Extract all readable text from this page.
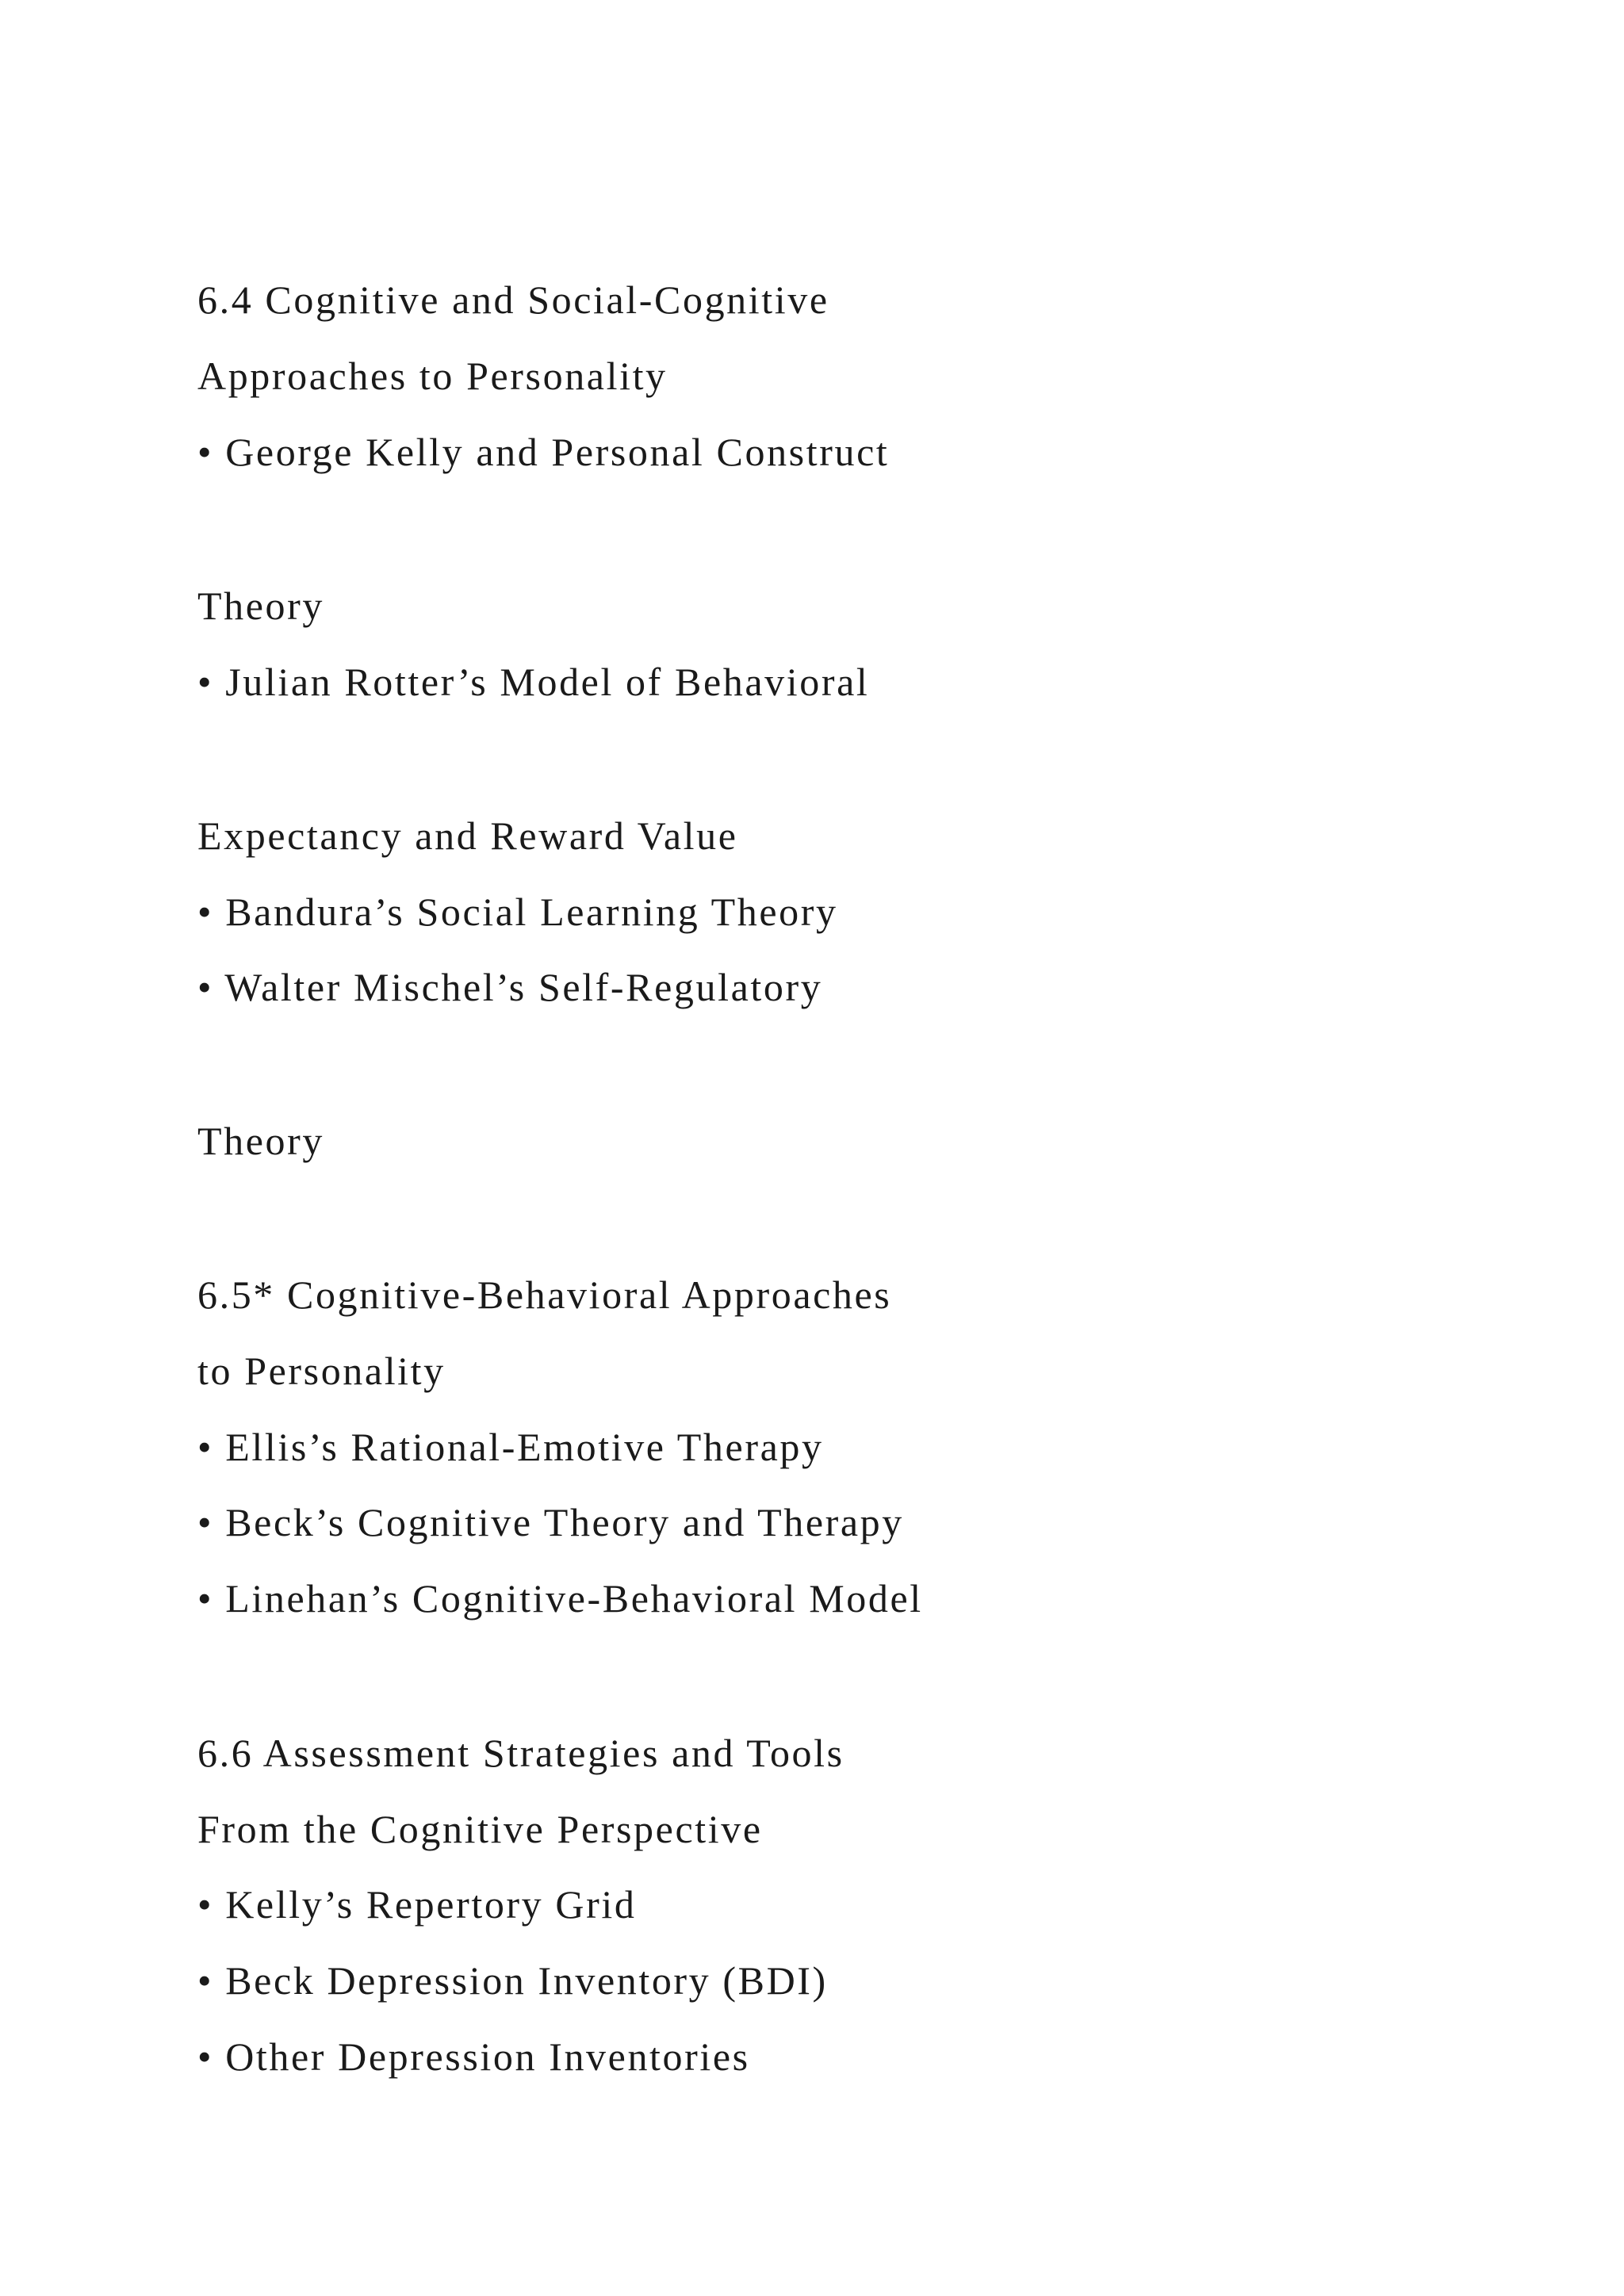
6.4 Cognitive and Social-Cognitive
Approaches to Personality

• George Kelly and Personal Construct

Theory

• Julian Rotter’s Model of Behavioral

Expectancy and Reward Value

• Bandura’s Social Learning Theory

• Walter Mischel’s Self-Regulatory

Theory

6.5* Cognitive-Behavioral Approaches
to Personality

• Ellis’s Rational-Emotive Therapy

• Beck’s Cognitive Theory and Therapy

• Linehan’s Cognitive-Behavioral Model

6.6 Assessment Strategies and Tools
From the Cognitive Perspective

• Kelly’s Repertory Grid

• Beck Depression Inventory (BDI)

• Other Depression Inventories
